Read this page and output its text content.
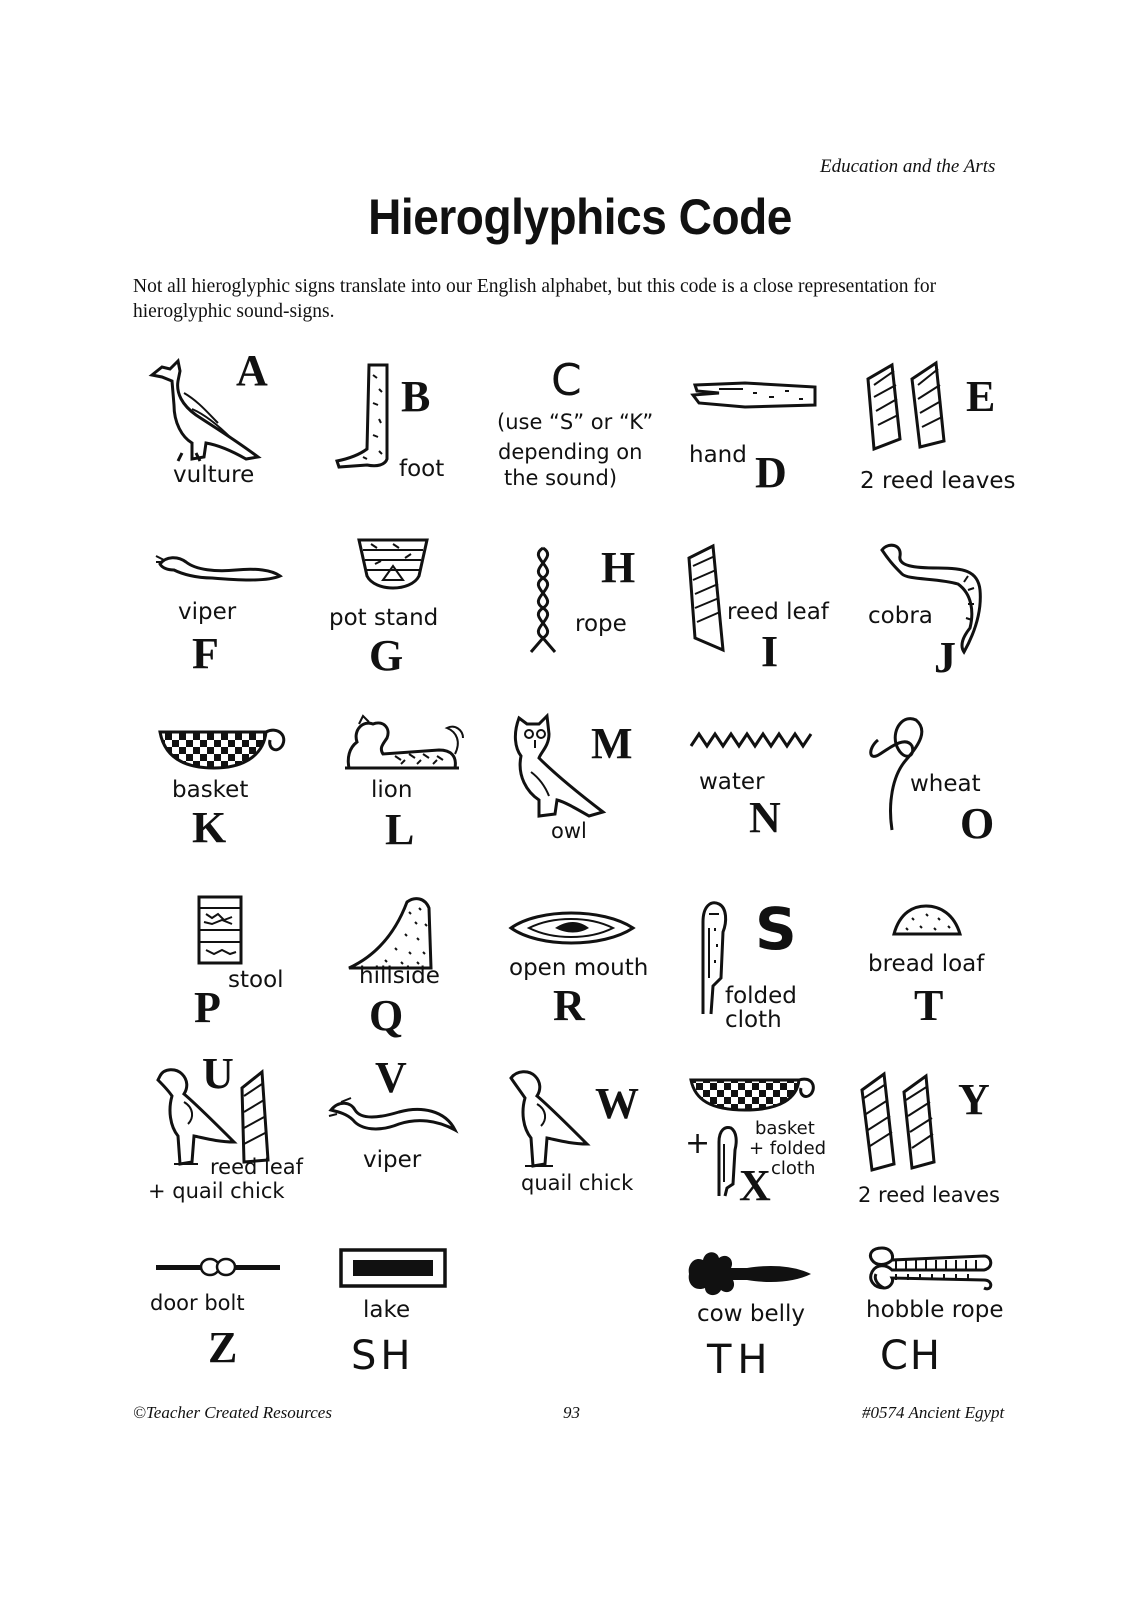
Education and the Arts
Hieroglyphics Code
Not all hieroglyphic signs translate into our English alphabet, but this code is a close representation for hieroglyphic sound-signs.
A
vulture
B
foot
C
(use “S” or “K”
depending on
the sound)
hand D
E
2 reed leaves
viper
F
pot stand
G
H
rope	reed leaf
I
cobra
J
basket
K
lion
L
M
owl
water
N
wheat
O
P
stool	hillside
Q
open mouth
R
S
folded
cloth
bread loaf
T
U
reed leaf
+ quail chick
V
viper
W
quail chick
+
X
basket
+ folded
cloth
Y
2 reed leaves
door bolt
Z
lake
SH
cow belly
TH
hobble rope
CH
©Teacher Created Resources	93	#0574 Ancient Egypt
